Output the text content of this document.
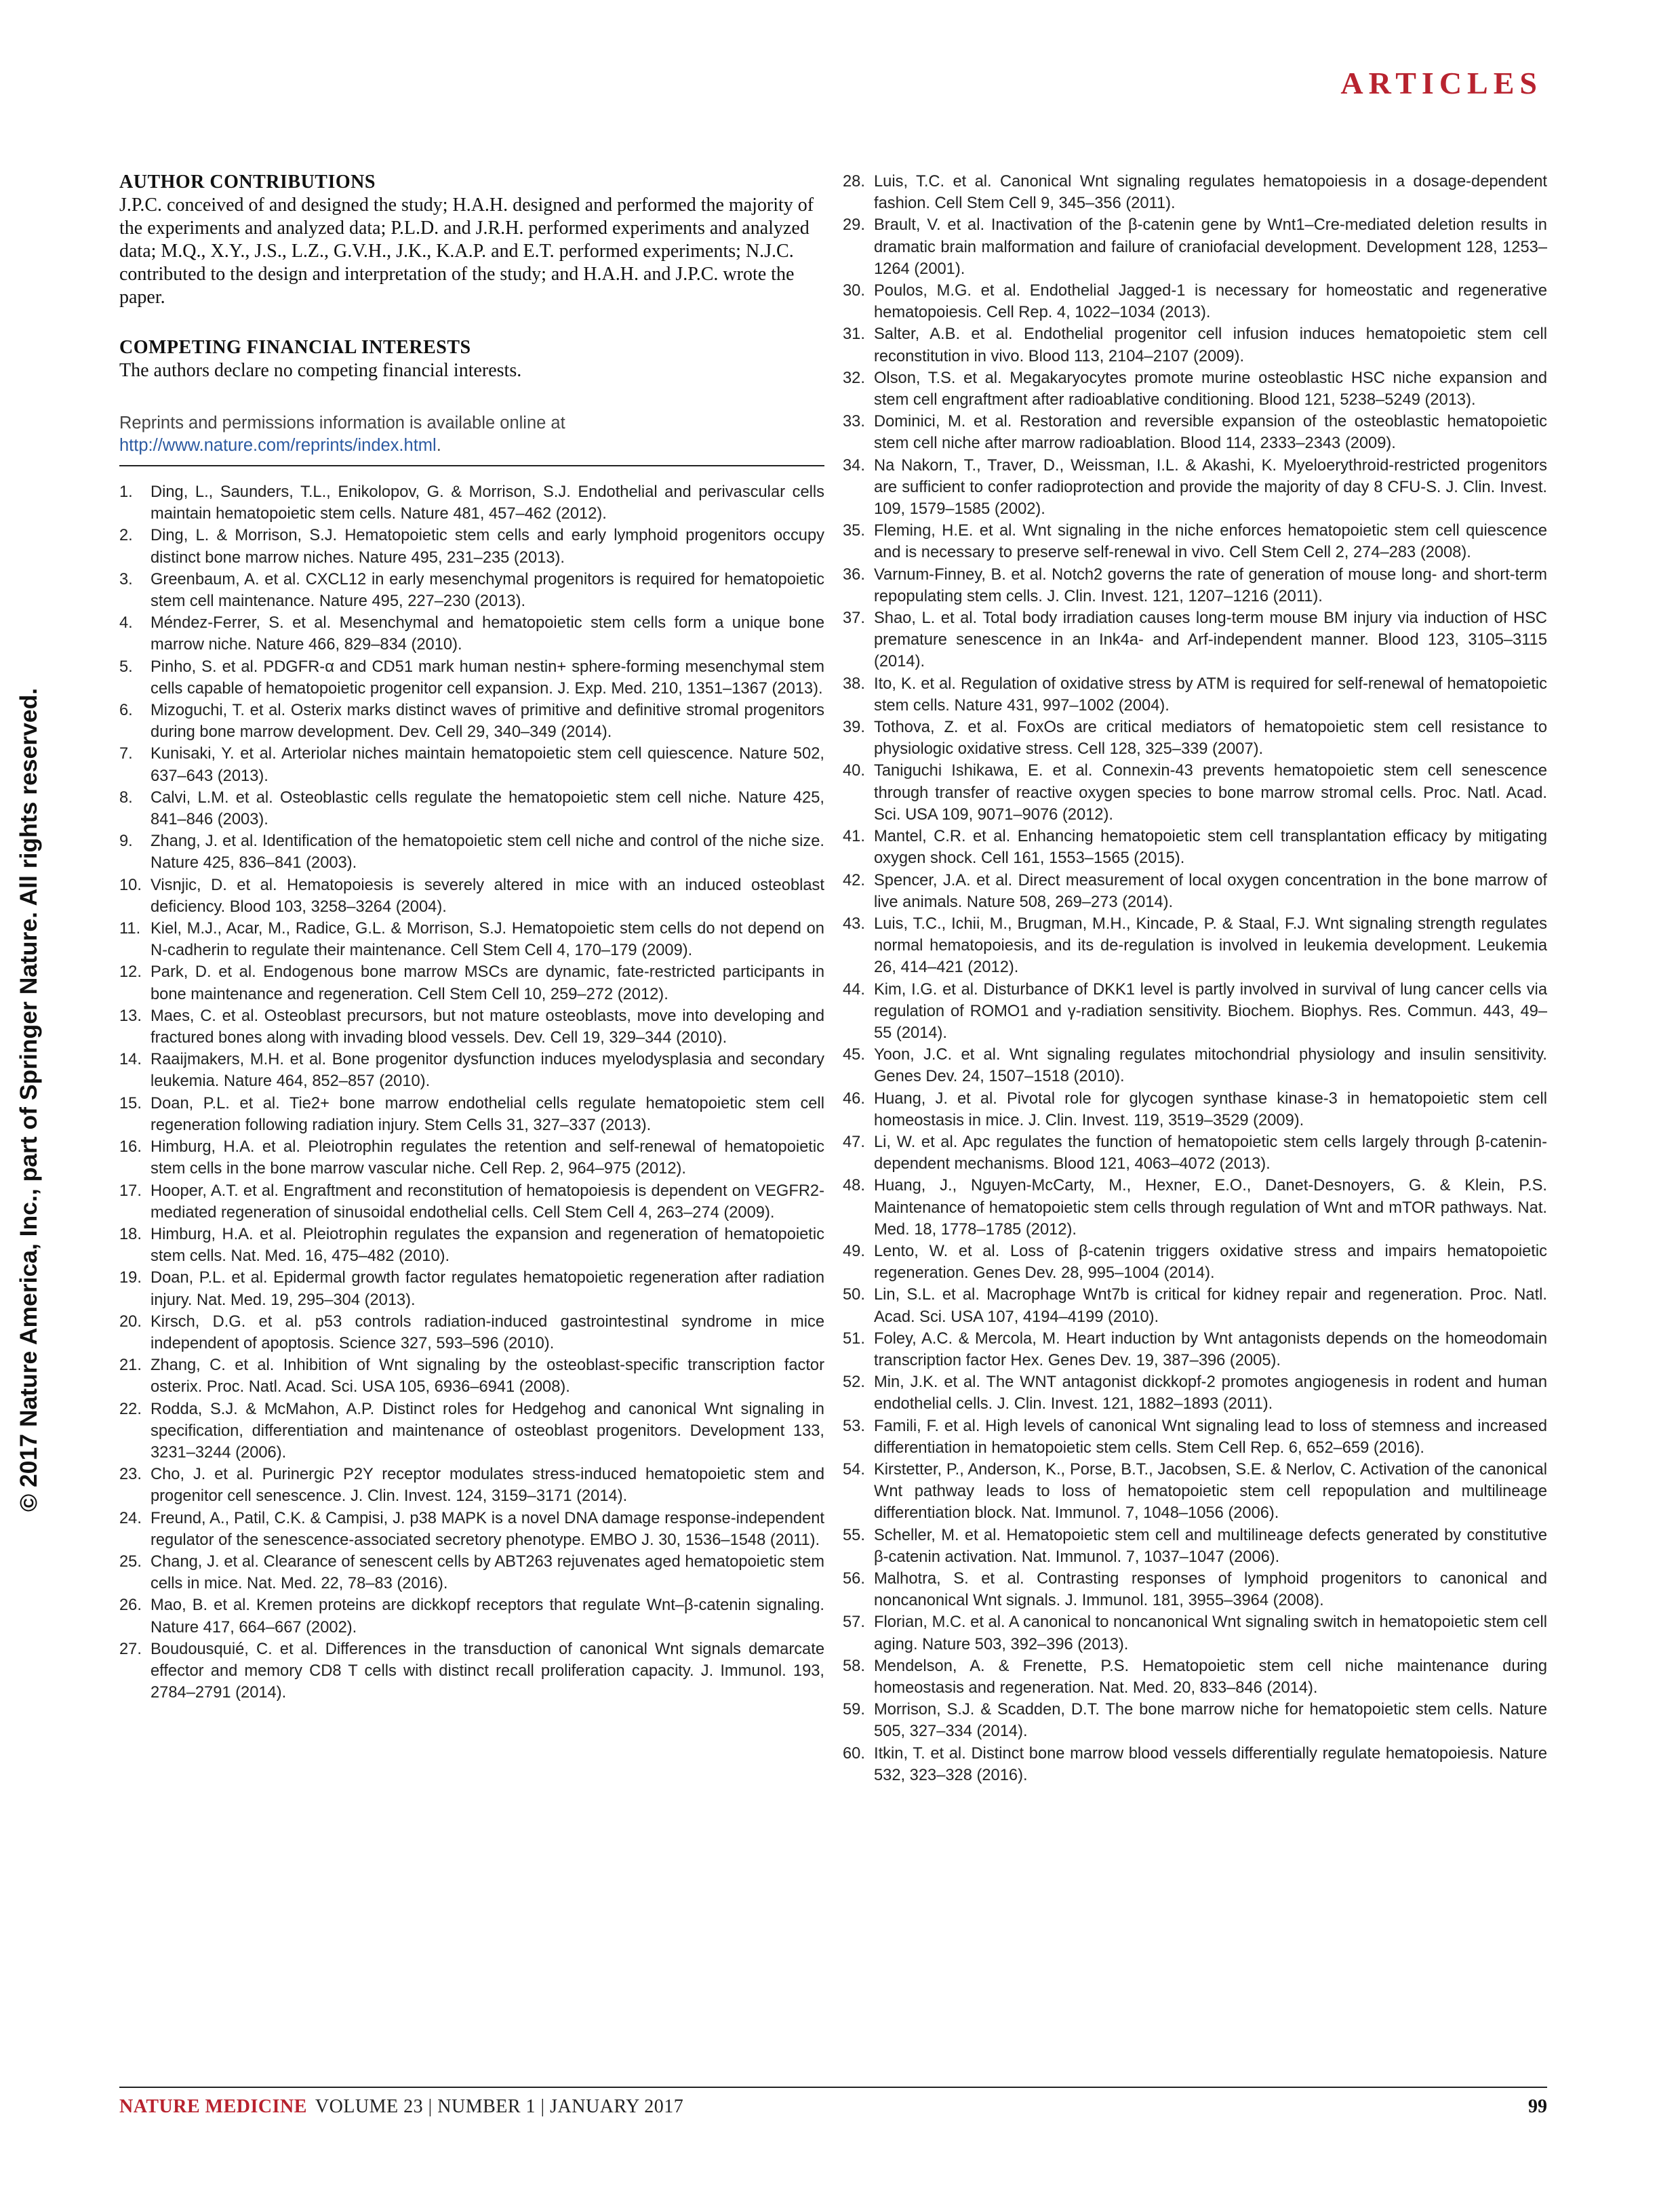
ARTICLES
© 2017 Nature America, Inc., part of Springer Nature. All rights reserved.

AUTHOR CONTRIBUTIONS

J.P.C. conceived of and designed the study; H.A.H. designed and performed the majority of the experiments and analyzed data; P.L.D. and J.R.H. performed experiments and analyzed data; M.Q., X.Y., J.S., L.Z., G.V.H., J.K., K.A.P. and E.T. performed experiments; N.J.C. contributed to the design and interpretation of the study; and H.A.H. and J.P.C. wrote the paper.

COMPETING FINANCIAL INTERESTS

The authors declare no competing financial interests.

Reprints and permissions information is available online at http://www.nature.com/reprints/index.html.
1.	Ding, L., Saunders, T.L., Enikolopov, G. & Morrison, S.J. Endothelial and perivascular cells maintain hematopoietic stem cells. Nature 481, 457–462 (2012).
2.	Ding, L. & Morrison, S.J. Hematopoietic stem cells and early lymphoid progenitors occupy distinct bone marrow niches. Nature 495, 231–235 (2013).
3.	Greenbaum, A. et al. CXCL12 in early mesenchymal progenitors is required for hematopoietic stem cell maintenance. Nature 495, 227–230 (2013).
4.	Méndez-Ferrer, S. et al. Mesenchymal and hematopoietic stem cells form a unique bone marrow niche. Nature 466, 829–834 (2010).
5.	Pinho, S. et al. PDGFR-α and CD51 mark human nestin+ sphere-forming mesenchymal stem cells capable of hematopoietic progenitor cell expansion. J. Exp. Med. 210, 1351–1367 (2013).
6.	Mizoguchi, T. et al. Osterix marks distinct waves of primitive and definitive stromal progenitors during bone marrow development. Dev. Cell 29, 340–349 (2014).
7.	Kunisaki, Y. et al. Arteriolar niches maintain hematopoietic stem cell quiescence. Nature 502, 637–643 (2013).
8.	Calvi, L.M. et al. Osteoblastic cells regulate the hematopoietic stem cell niche. Nature 425, 841–846 (2003).
9.	Zhang, J. et al. Identification of the hematopoietic stem cell niche and control of the niche size. Nature 425, 836–841 (2003).
10. Visnjic, D. et al. Hematopoiesis is severely altered in mice with an induced osteoblast deficiency. Blood 103, 3258–3264 (2004).
11. Kiel, M.J., Acar, M., Radice, G.L. & Morrison, S.J. Hematopoietic stem cells do not depend on N-cadherin to regulate their maintenance. Cell Stem Cell 4, 170–179 (2009).
12. Park, D. et al. Endogenous bone marrow MSCs are dynamic, fate-restricted participants in bone maintenance and regeneration. Cell Stem Cell 10, 259–272 (2012).
13. Maes, C. et al. Osteoblast precursors, but not mature osteoblasts, move into developing and fractured bones along with invading blood vessels. Dev. Cell 19, 329–344 (2010).
14. Raaijmakers, M.H. et al. Bone progenitor dysfunction induces myelodysplasia and secondary leukemia. Nature 464, 852–857 (2010).
15. Doan, P.L. et al. Tie2+ bone marrow endothelial cells regulate hematopoietic stem cell regeneration following radiation injury. Stem Cells 31, 327–337 (2013).
16. Himburg, H.A. et al. Pleiotrophin regulates the retention and self-renewal of hematopoietic stem cells in the bone marrow vascular niche. Cell Rep. 2, 964–975 (2012).
17. Hooper, A.T. et al. Engraftment and reconstitution of hematopoiesis is dependent on VEGFR2-mediated regeneration of sinusoidal endothelial cells. Cell Stem Cell 4, 263–274 (2009).
18. Himburg, H.A. et al. Pleiotrophin regulates the expansion and regeneration of hematopoietic stem cells. Nat. Med. 16, 475–482 (2010).
19. Doan, P.L. et al. Epidermal growth factor regulates hematopoietic regeneration after radiation injury. Nat. Med. 19, 295–304 (2013).
20. Kirsch, D.G. et al. p53 controls radiation-induced gastrointestinal syndrome in mice independent of apoptosis. Science 327, 593–596 (2010).
21. Zhang, C. et al. Inhibition of Wnt signaling by the osteoblast-specific transcription factor osterix. Proc. Natl. Acad. Sci. USA 105, 6936–6941 (2008).
22. Rodda, S.J. & McMahon, A.P. Distinct roles for Hedgehog and canonical Wnt signaling in specification, differentiation and maintenance of osteoblast progenitors. Development 133, 3231–3244 (2006).
23. Cho, J. et al. Purinergic P2Y receptor modulates stress-induced hematopoietic stem and progenitor cell senescence. J. Clin. Invest. 124, 3159–3171 (2014).
24. Freund, A., Patil, C.K. & Campisi, J. p38 MAPK is a novel DNA damage response-independent regulator of the senescence-associated secretory phenotype. EMBO J. 30, 1536–1548 (2011).
25. Chang, J. et al. Clearance of senescent cells by ABT263 rejuvenates aged hematopoietic stem cells in mice. Nat. Med. 22, 78–83 (2016).
26. Mao, B. et al. Kremen proteins are dickkopf receptors that regulate Wnt–β-catenin signaling. Nature 417, 664–667 (2002).
27. Boudousquié, C. et al. Differences in the transduction of canonical Wnt signals demarcate effector and memory CD8 T cells with distinct recall proliferation capacity. J. Immunol. 193, 2784–2791 (2014).
28. Luis, T.C. et al. Canonical Wnt signaling regulates hematopoiesis in a dosage-dependent fashion. Cell Stem Cell 9, 345–356 (2011).
29. Brault, V. et al. Inactivation of the β-catenin gene by Wnt1–Cre-mediated deletion results in dramatic brain malformation and failure of craniofacial development. Development 128, 1253–1264 (2001).
30. Poulos, M.G. et al. Endothelial Jagged-1 is necessary for homeostatic and regenerative hematopoiesis. Cell Rep. 4, 1022–1034 (2013).
31. Salter, A.B. et al. Endothelial progenitor cell infusion induces hematopoietic stem cell reconstitution in vivo. Blood 113, 2104–2107 (2009).
32. Olson, T.S. et al. Megakaryocytes promote murine osteoblastic HSC niche expansion and stem cell engraftment after radioablative conditioning. Blood 121, 5238–5249 (2013).
33. Dominici, M. et al. Restoration and reversible expansion of the osteoblastic hematopoietic stem cell niche after marrow radioablation. Blood 114, 2333–2343 (2009).
34. Na Nakorn, T., Traver, D., Weissman, I.L. & Akashi, K. Myeloerythroid-restricted progenitors are sufficient to confer radioprotection and provide the majority of day 8 CFU-S. J. Clin. Invest. 109, 1579–1585 (2002).
35. Fleming, H.E. et al. Wnt signaling in the niche enforces hematopoietic stem cell quiescence and is necessary to preserve self-renewal in vivo. Cell Stem Cell 2, 274–283 (2008).
36. Varnum-Finney, B. et al. Notch2 governs the rate of generation of mouse long- and short-term repopulating stem cells. J. Clin. Invest. 121, 1207–1216 (2011).
37. Shao, L. et al. Total body irradiation causes long-term mouse BM injury via induction of HSC premature senescence in an Ink4a- and Arf-independent manner. Blood 123, 3105–3115 (2014).
38. Ito, K. et al. Regulation of oxidative stress by ATM is required for self-renewal of hematopoietic stem cells. Nature 431, 997–1002 (2004).
39. Tothova, Z. et al. FoxOs are critical mediators of hematopoietic stem cell resistance to physiologic oxidative stress. Cell 128, 325–339 (2007).
40. Taniguchi Ishikawa, E. et al. Connexin-43 prevents hematopoietic stem cell senescence through transfer of reactive oxygen species to bone marrow stromal cells. Proc. Natl. Acad. Sci. USA 109, 9071–9076 (2012).
41. Mantel, C.R. et al. Enhancing hematopoietic stem cell transplantation efficacy by mitigating oxygen shock. Cell 161, 1553–1565 (2015).
42. Spencer, J.A. et al. Direct measurement of local oxygen concentration in the bone marrow of live animals. Nature 508, 269–273 (2014).
43. Luis, T.C., Ichii, M., Brugman, M.H., Kincade, P. & Staal, F.J. Wnt signaling strength regulates normal hematopoiesis, and its de-regulation is involved in leukemia development. Leukemia 26, 414–421 (2012).
44. Kim, I.G. et al. Disturbance of DKK1 level is partly involved in survival of lung cancer cells via regulation of ROMO1 and γ-radiation sensitivity. Biochem. Biophys. Res. Commun. 443, 49–55 (2014).
45. Yoon, J.C. et al. Wnt signaling regulates mitochondrial physiology and insulin sensitivity. Genes Dev. 24, 1507–1518 (2010).
46. Huang, J. et al. Pivotal role for glycogen synthase kinase-3 in hematopoietic stem cell homeostasis in mice. J. Clin. Invest. 119, 3519–3529 (2009).
47. Li, W. et al. Apc regulates the function of hematopoietic stem cells largely through β-catenin-dependent mechanisms. Blood 121, 4063–4072 (2013).
48. Huang, J., Nguyen-McCarty, M., Hexner, E.O., Danet-Desnoyers, G. & Klein, P.S. Maintenance of hematopoietic stem cells through regulation of Wnt and mTOR pathways. Nat. Med. 18, 1778–1785 (2012).
49. Lento, W. et al. Loss of β-catenin triggers oxidative stress and impairs hematopoietic regeneration. Genes Dev. 28, 995–1004 (2014).
50. Lin, S.L. et al. Macrophage Wnt7b is critical for kidney repair and regeneration. Proc. Natl. Acad. Sci. USA 107, 4194–4199 (2010).
51. Foley, A.C. & Mercola, M. Heart induction by Wnt antagonists depends on the homeodomain transcription factor Hex. Genes Dev. 19, 387–396 (2005).
52. Min, J.K. et al. The WNT antagonist dickkopf-2 promotes angiogenesis in rodent and human endothelial cells. J. Clin. Invest. 121, 1882–1893 (2011).
53. Famili, F. et al. High levels of canonical Wnt signaling lead to loss of stemness and increased differentiation in hematopoietic stem cells. Stem Cell Rep. 6, 652–659 (2016).
54. Kirstetter, P., Anderson, K., Porse, B.T., Jacobsen, S.E. & Nerlov, C. Activation of the canonical Wnt pathway leads to loss of hematopoietic stem cell repopulation and multilineage differentiation block. Nat. Immunol. 7, 1048–1056 (2006).
55. Scheller, M. et al. Hematopoietic stem cell and multilineage defects generated by constitutive β-catenin activation. Nat. Immunol. 7, 1037–1047 (2006).
56. Malhotra, S. et al. Contrasting responses of lymphoid progenitors to canonical and noncanonical Wnt signals. J. Immunol. 181, 3955–3964 (2008).
57. Florian, M.C. et al. A canonical to noncanonical Wnt signaling switch in hematopoietic stem cell aging. Nature 503, 392–396 (2013).
58. Mendelson, A. & Frenette, P.S. Hematopoietic stem cell niche maintenance during homeostasis and regeneration. Nat. Med. 20, 833–846 (2014).
59. Morrison, S.J. & Scadden, D.T. The bone marrow niche for hematopoietic stem cells. Nature 505, 327–334 (2014).
60. Itkin, T. et al. Distinct bone marrow blood vessels differentially regulate hematopoiesis. Nature 532, 323–328 (2016).
NATURE MEDICINE VOLUME 23 | NUMBER 1 | JANUARY 2017	99
